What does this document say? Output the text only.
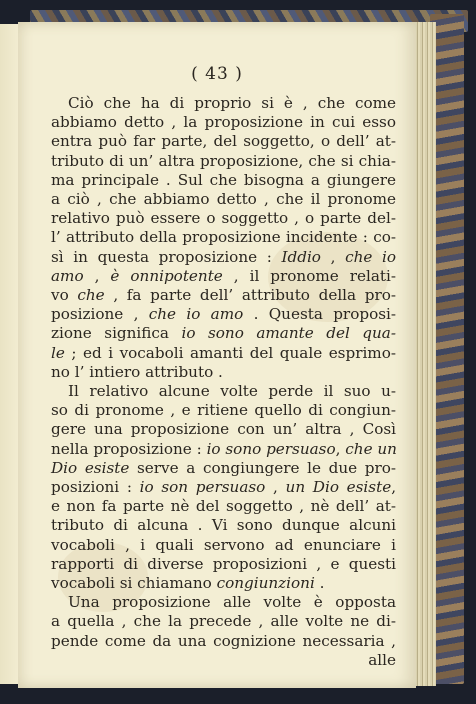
( 43 )
Ciò che ha di proprio si è , che come
abbiamo detto , la proposizione in cui esso
entra può far parte, del soggetto, o dell’ at-
tributo di un’ altra proposizione, che si chia-
ma principale . Sul che bisogna a giungere
a ciò , che abbiamo detto , che il pronome
relativo può essere o soggetto , o parte del-
l’ attributo della proposizione incidente : co-
sì in questa proposizione : Iddio , che io
amo , è onnipotente , il pronome relati-
vo che , fa parte dell’ attributo della pro-
posizione , che io amo . Questa proposi-
zione significa io sono amante del qua-
le ; ed i vocaboli amanti del quale esprimo-
no l’ intiero attributo .
Il relativo alcune volte perde il suo u-
so di pronome , e ritiene quello di congiun-
gere una proposizione con un’ altra , Così
nella proposizione : io sono persuaso, che un
Dio esiste serve a congiungere le due pro-
posizioni : io son persuaso , un Dio esiste,
e non fa parte nè del soggetto , nè dell’ at-
tributo di alcuna . Vi sono dunque alcuni
vocaboli , i quali servono ad enunciare i
rapporti di diverse proposizioni , e questi
vocaboli si chiamano congiunzioni .
Una proposizione alle volte è opposta
a quella , che la precede , alle volte ne di-
pende come da una cognizione necessaria ,
alle
